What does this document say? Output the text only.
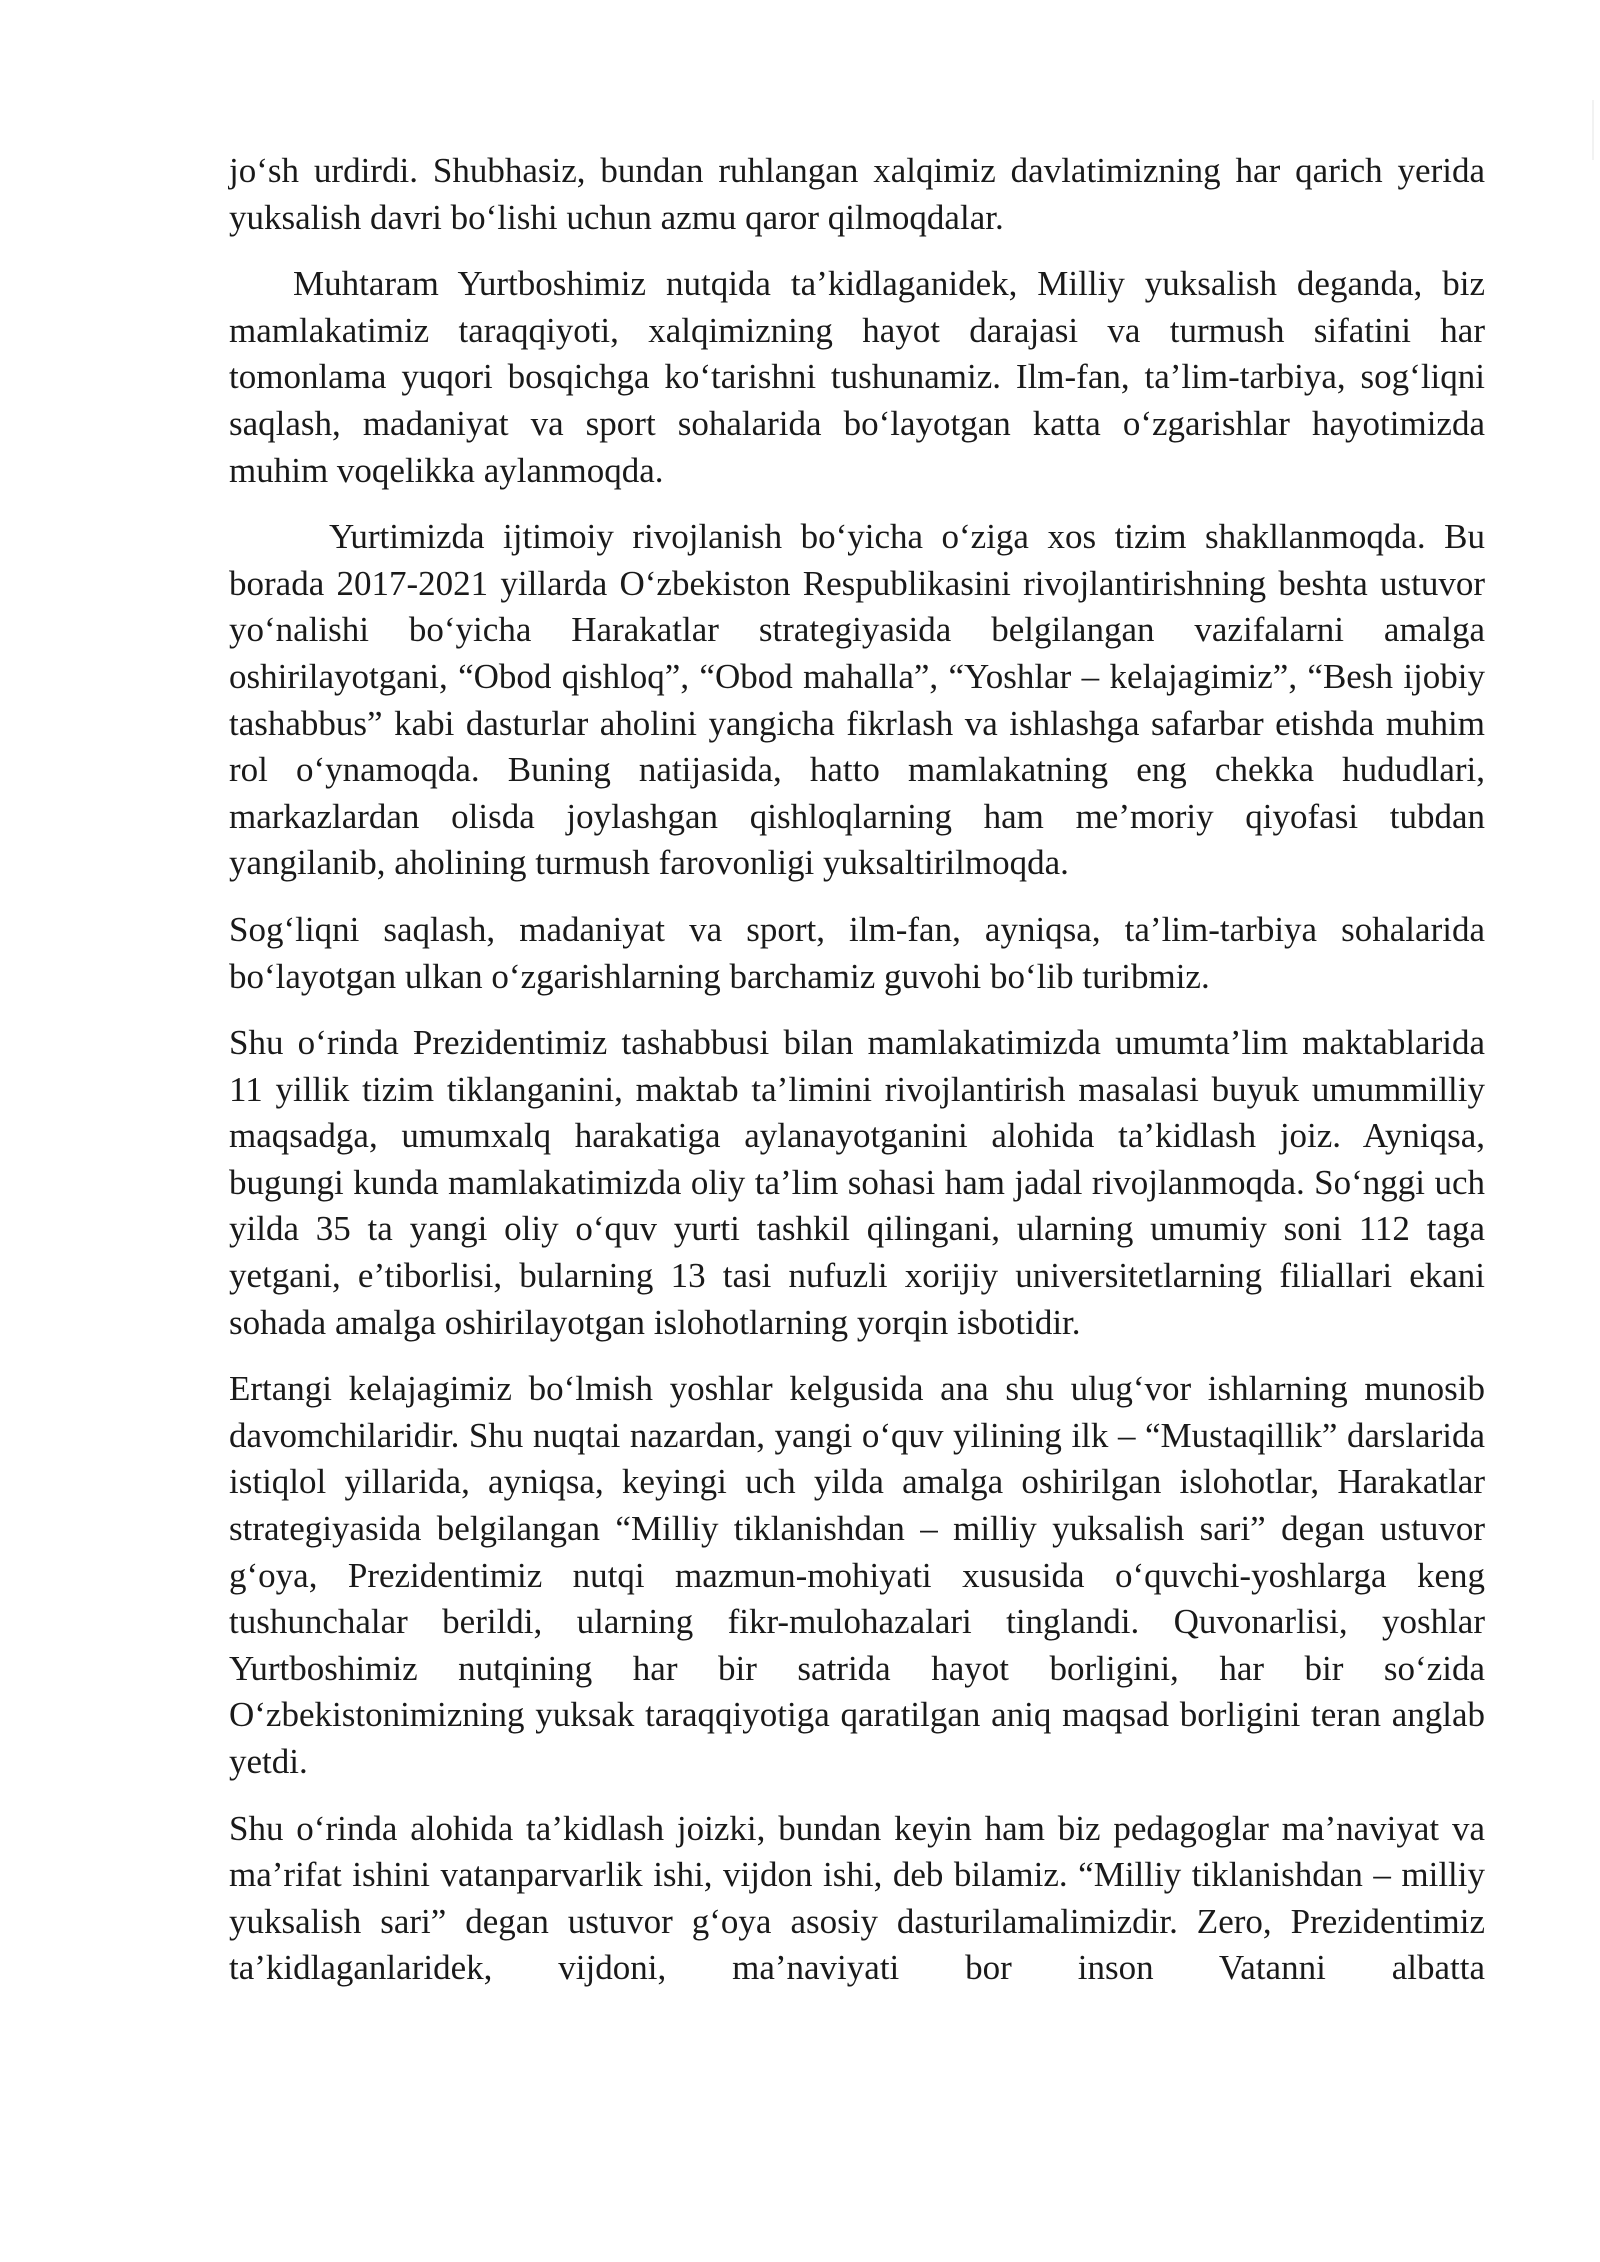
jo‘sh urdirdi. Shubhasiz, bundan ruhlangan xalqimiz davlatimizning har qarich yerida yuksalish davri bo‘lishi uchun azmu qaror qilmoqdalar.

Muhtaram Yurtboshimiz nutqida ta’kidlaganidek, Milliy yuksalish deganda, biz mamlakatimiz taraqqiyoti, xalqimizning hayot darajasi va turmush sifatini har tomonlama yuqori bosqichga ko‘tarishni tushunamiz. Ilm-fan, ta’lim-tarbiya, sog‘liqni saqlash, madaniyat va sport sohalarida bo‘layotgan katta o‘zgarishlar hayotimizda muhim voqelikka aylanmoqda.

Yurtimizda ijtimoiy rivojlanish bo‘yicha o‘ziga xos tizim shakllanmoqda. Bu borada 2017-2021 yillarda O‘zbekiston Respublikasini rivojlantirishning beshta ustuvor yo‘nalishi bo‘yicha Harakatlar strategiyasida belgilangan vazifalarni amalga oshirilayotgani, “Obod qishloq”, “Obod mahalla”, “Yoshlar – kelajagimiz”, “Besh ijobiy tashabbus” kabi dasturlar aholini yangicha fikrlash va ishlashga safarbar etishda muhim rol o‘ynamoqda. Buning natijasida, hatto mamlakatning eng chekka hududlari, markazlardan olisda joylashgan qishloqlarning ham me’moriy qiyofasi tubdan yangilanib, aholining turmush farovonligi yuksaltirilmoqda.

Sog‘liqni saqlash, madaniyat va sport, ilm-fan, ayniqsa, ta’lim-tarbiya sohalarida bo‘layotgan ulkan o‘zgarishlarning barchamiz guvohi bo‘lib turibmiz.

Shu o‘rinda Prezidentimiz tashabbusi bilan mamlakatimizda umumta’lim maktablarida 11 yillik tizim tiklanganini, maktab ta’limini rivojlantirish masalasi buyuk umummilliy maqsadga, umumxalq harakatiga aylanayotganini alohida ta’kidlash joiz. Ayniqsa, bugungi kunda mamlakatimizda oliy ta’lim sohasi ham jadal rivojlanmoqda. So‘nggi uch yilda 35 ta yangi oliy o‘quv yurti tashkil qilingani, ularning umumiy soni 112 taga yetgani, e’tiborlisi, bularning 13 tasi nufuzli xorijiy universitetlarning filiallari ekani sohada amalga oshirilayotgan islohotlarning yorqin isbotidir.

Ertangi kelajagimiz bo‘lmish yoshlar kelgusida ana shu ulug‘vor ishlarning munosib davomchilaridir. Shu nuqtai nazardan, yangi o‘quv yilining ilk – “Mustaqillik” darslarida istiqlol yillarida, ayniqsa, keyingi uch yilda amalga oshirilgan islohotlar, Harakatlar strategiyasida belgilangan “Milliy tiklanishdan – milliy yuksalish sari” degan ustuvor g‘oya, Prezidentimiz nutqi mazmun-mohiyati xususida o‘quvchi-yoshlarga keng tushunchalar berildi, ularning fikr-mulohazalari tinglandi. Quvonarlisi, yoshlar Yurtboshimiz nutqining har bir satrida hayot borligini, har bir so‘zida O‘zbekistonimizning yuksak taraqqiyotiga qaratilgan aniq maqsad borligini teran anglab yetdi.

Shu o‘rinda alohida ta’kidlash joizki, bundan keyin ham biz pedagoglar ma’naviyat va ma’rifat ishini vatanparvarlik ishi, vijdon ishi, deb bilamiz. “Milliy tiklanishdan – milliy yuksalish sari” degan ustuvor g‘oya asosiy dasturilamalimizdir. Zero, Prezidentimiz ta’kidlaganlaridek, vijdoni, ma’naviyati bor inson Vatanni albatta
